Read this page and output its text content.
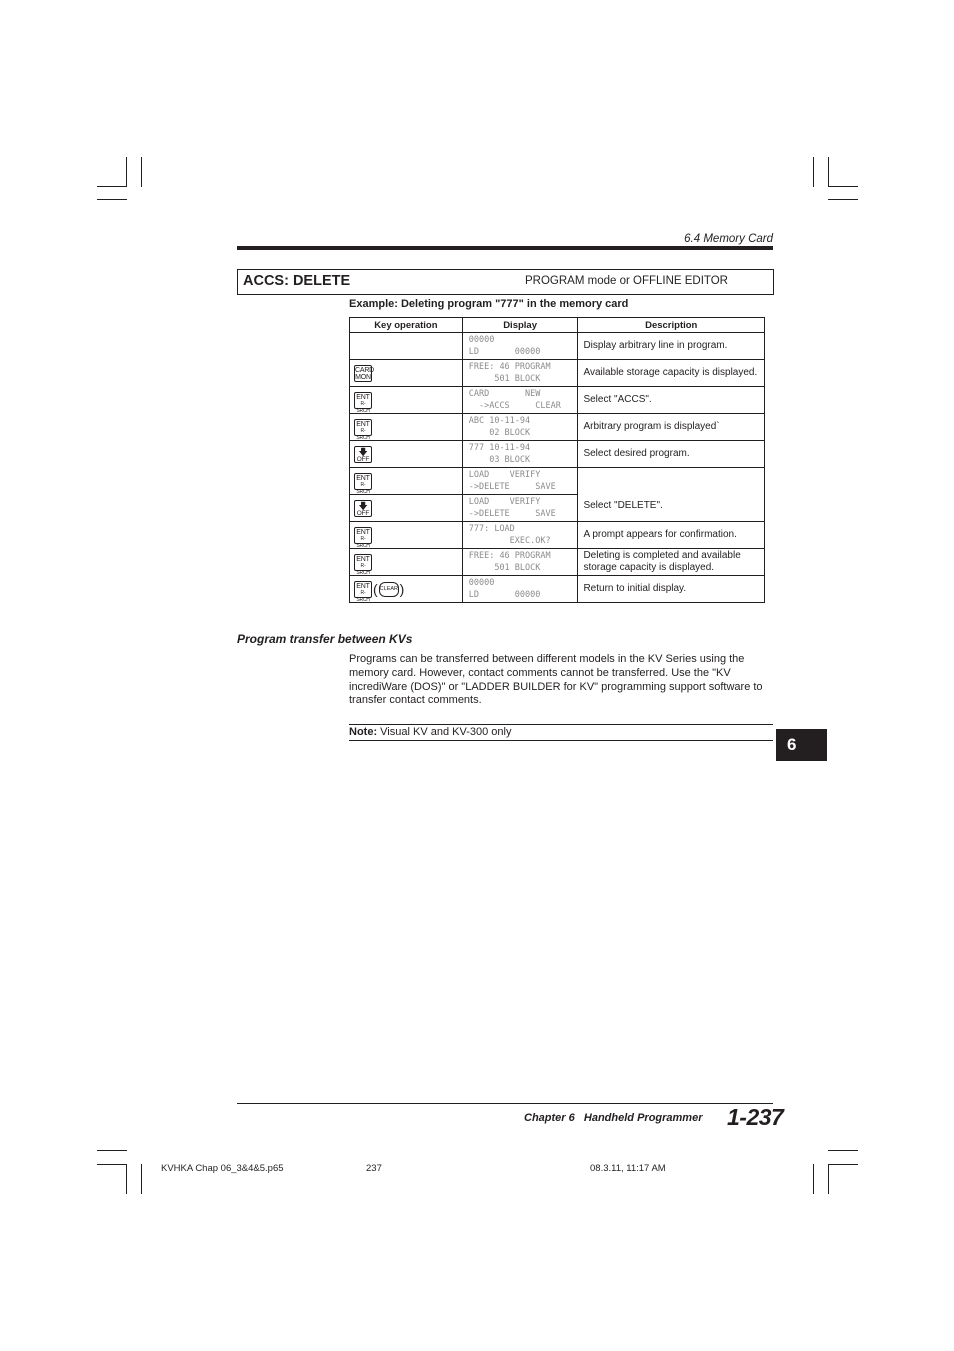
6.4 Memory Card
ACCS: DELETE	PROGRAM mode or OFFLINE EDITOR
Example: Deleting program "777" in the memory card
Key operation	Display	Description
	00000
LD       00000	Display arbitrary line in program.

CARD
MON	FREE: 46 PROGRAM
501 BLOCK	Available storage capacity is displayed.

ENT
R-SRCH	CARD       NEW
->ACCS     CLEAR	Select "ACCS".

ENT
R-SRCH	ABC 10-11-94
02 BLOCK	Arbitrary program is displayed`

🡇
OFF	777 10-11-94
03 BLOCK	Select desired program.

ENT
R-SRCH	LOAD    VERIFY
->DELETE     SAVE	Select "DELETE".

🡇
OFF	LOAD    VERIFY
->DELETE     SAVE	

ENT
R-SRCH	777: LOAD
EXEC.OK?	A prompt appears for confirmation.

ENT
R-SRCH	FREE: 46 PROGRAM
501 BLOCK	Deleting is completed and available storage capacity is displayed.

ENT
R-SRCH
( CLEAR )	00000
LD       00000	Return to initial display.
Program transfer between KVs
Programs can be transferred between different models in the KV Series using the memory card. However, contact comments cannot be transferred. Use the "KV incrediWare (DOS)" or "LADDER BUILDER for KV" programming support software to transfer contact comments.
Note: Visual KV and KV-300 only
6
Chapter 6   Handheld Programmer 1-237
KVHKA Chap 06_3&4&5.p65	237	08.3.11, 11:17 AM
